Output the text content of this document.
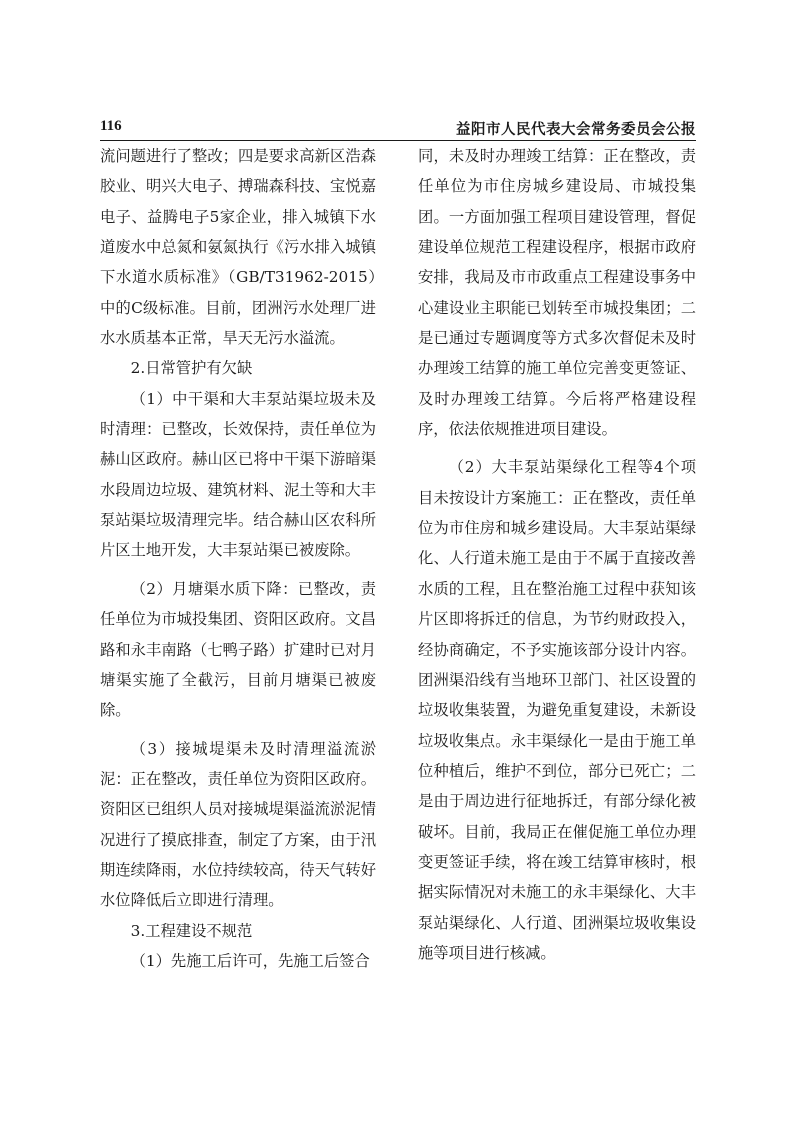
116	益阳市人民代表大会常务委员会公报

流问题进行了整改；四是要求高新区浩森胶业、明兴大电子、搏瑞森科技、宝悦嘉电子、益腾电子5家企业，排入城镇下水道废水中总氮和氨氮执行《污水排入城镇下水道水质标准》（GB/T31962-2015）中的C级标准。目前，团洲污水处理厂进水水质基本正常，旱天无污水溢流。

2.日常管护有欠缺

（1）中干渠和大丰泵站渠垃圾未及时清理：已整改，长效保持，责任单位为赫山区政府。赫山区已将中干渠下游暗渠水段周边垃圾、建筑材料、泥土等和大丰泵站渠垃圾清理完毕。结合赫山区农科所片区土地开发，大丰泵站渠已被废除。

（2）月塘渠水质下降：已整改，责任单位为市城投集团、资阳区政府。文昌路和永丰南路（七鸭子路）扩建时已对月塘渠实施了全截污，目前月塘渠已被废除。

（3）接城堤渠未及时清理溢流淤泥：正在整改，责任单位为资阳区政府。资阳区已组织人员对接城堤渠溢流淤泥情况进行了摸底排查，制定了方案，由于汛期连续降雨，水位持续较高，待天气转好水位降低后立即进行清理。

3.工程建设不规范

（1）先施工后许可，先施工后签合

同，未及时办理竣工结算：正在整改，责任单位为市住房城乡建设局、市城投集团。一方面加强工程项目建设管理，督促建设单位规范工程建设程序，根据市政府安排，我局及市市政重点工程建设事务中心建设业主职能已划转至市城投集团；二是已通过专题调度等方式多次督促未及时办理竣工结算的施工单位完善变更签证、及时办理竣工结算。今后将严格建设程序，依法依规推进项目建设。

（2）大丰泵站渠绿化工程等4个项目未按设计方案施工：正在整改，责任单位为市住房和城乡建设局。大丰泵站渠绿化、人行道未施工是由于不属于直接改善水质的工程，且在整治施工过程中获知该片区即将拆迁的信息，为节约财政投入，经协商确定，不予实施该部分设计内容。团洲渠沿线有当地环卫部门、社区设置的垃圾收集装置，为避免重复建设，未新设垃圾收集点。永丰渠绿化一是由于施工单位种植后，维护不到位，部分已死亡；二是由于周边进行征地拆迁，有部分绿化被破坏。目前，我局正在催促施工单位办理变更签证手续，将在竣工结算审核时，根据实际情况对未施工的永丰渠绿化、大丰泵站渠绿化、人行道、团洲渠垃圾收集设施等项目进行核减。
